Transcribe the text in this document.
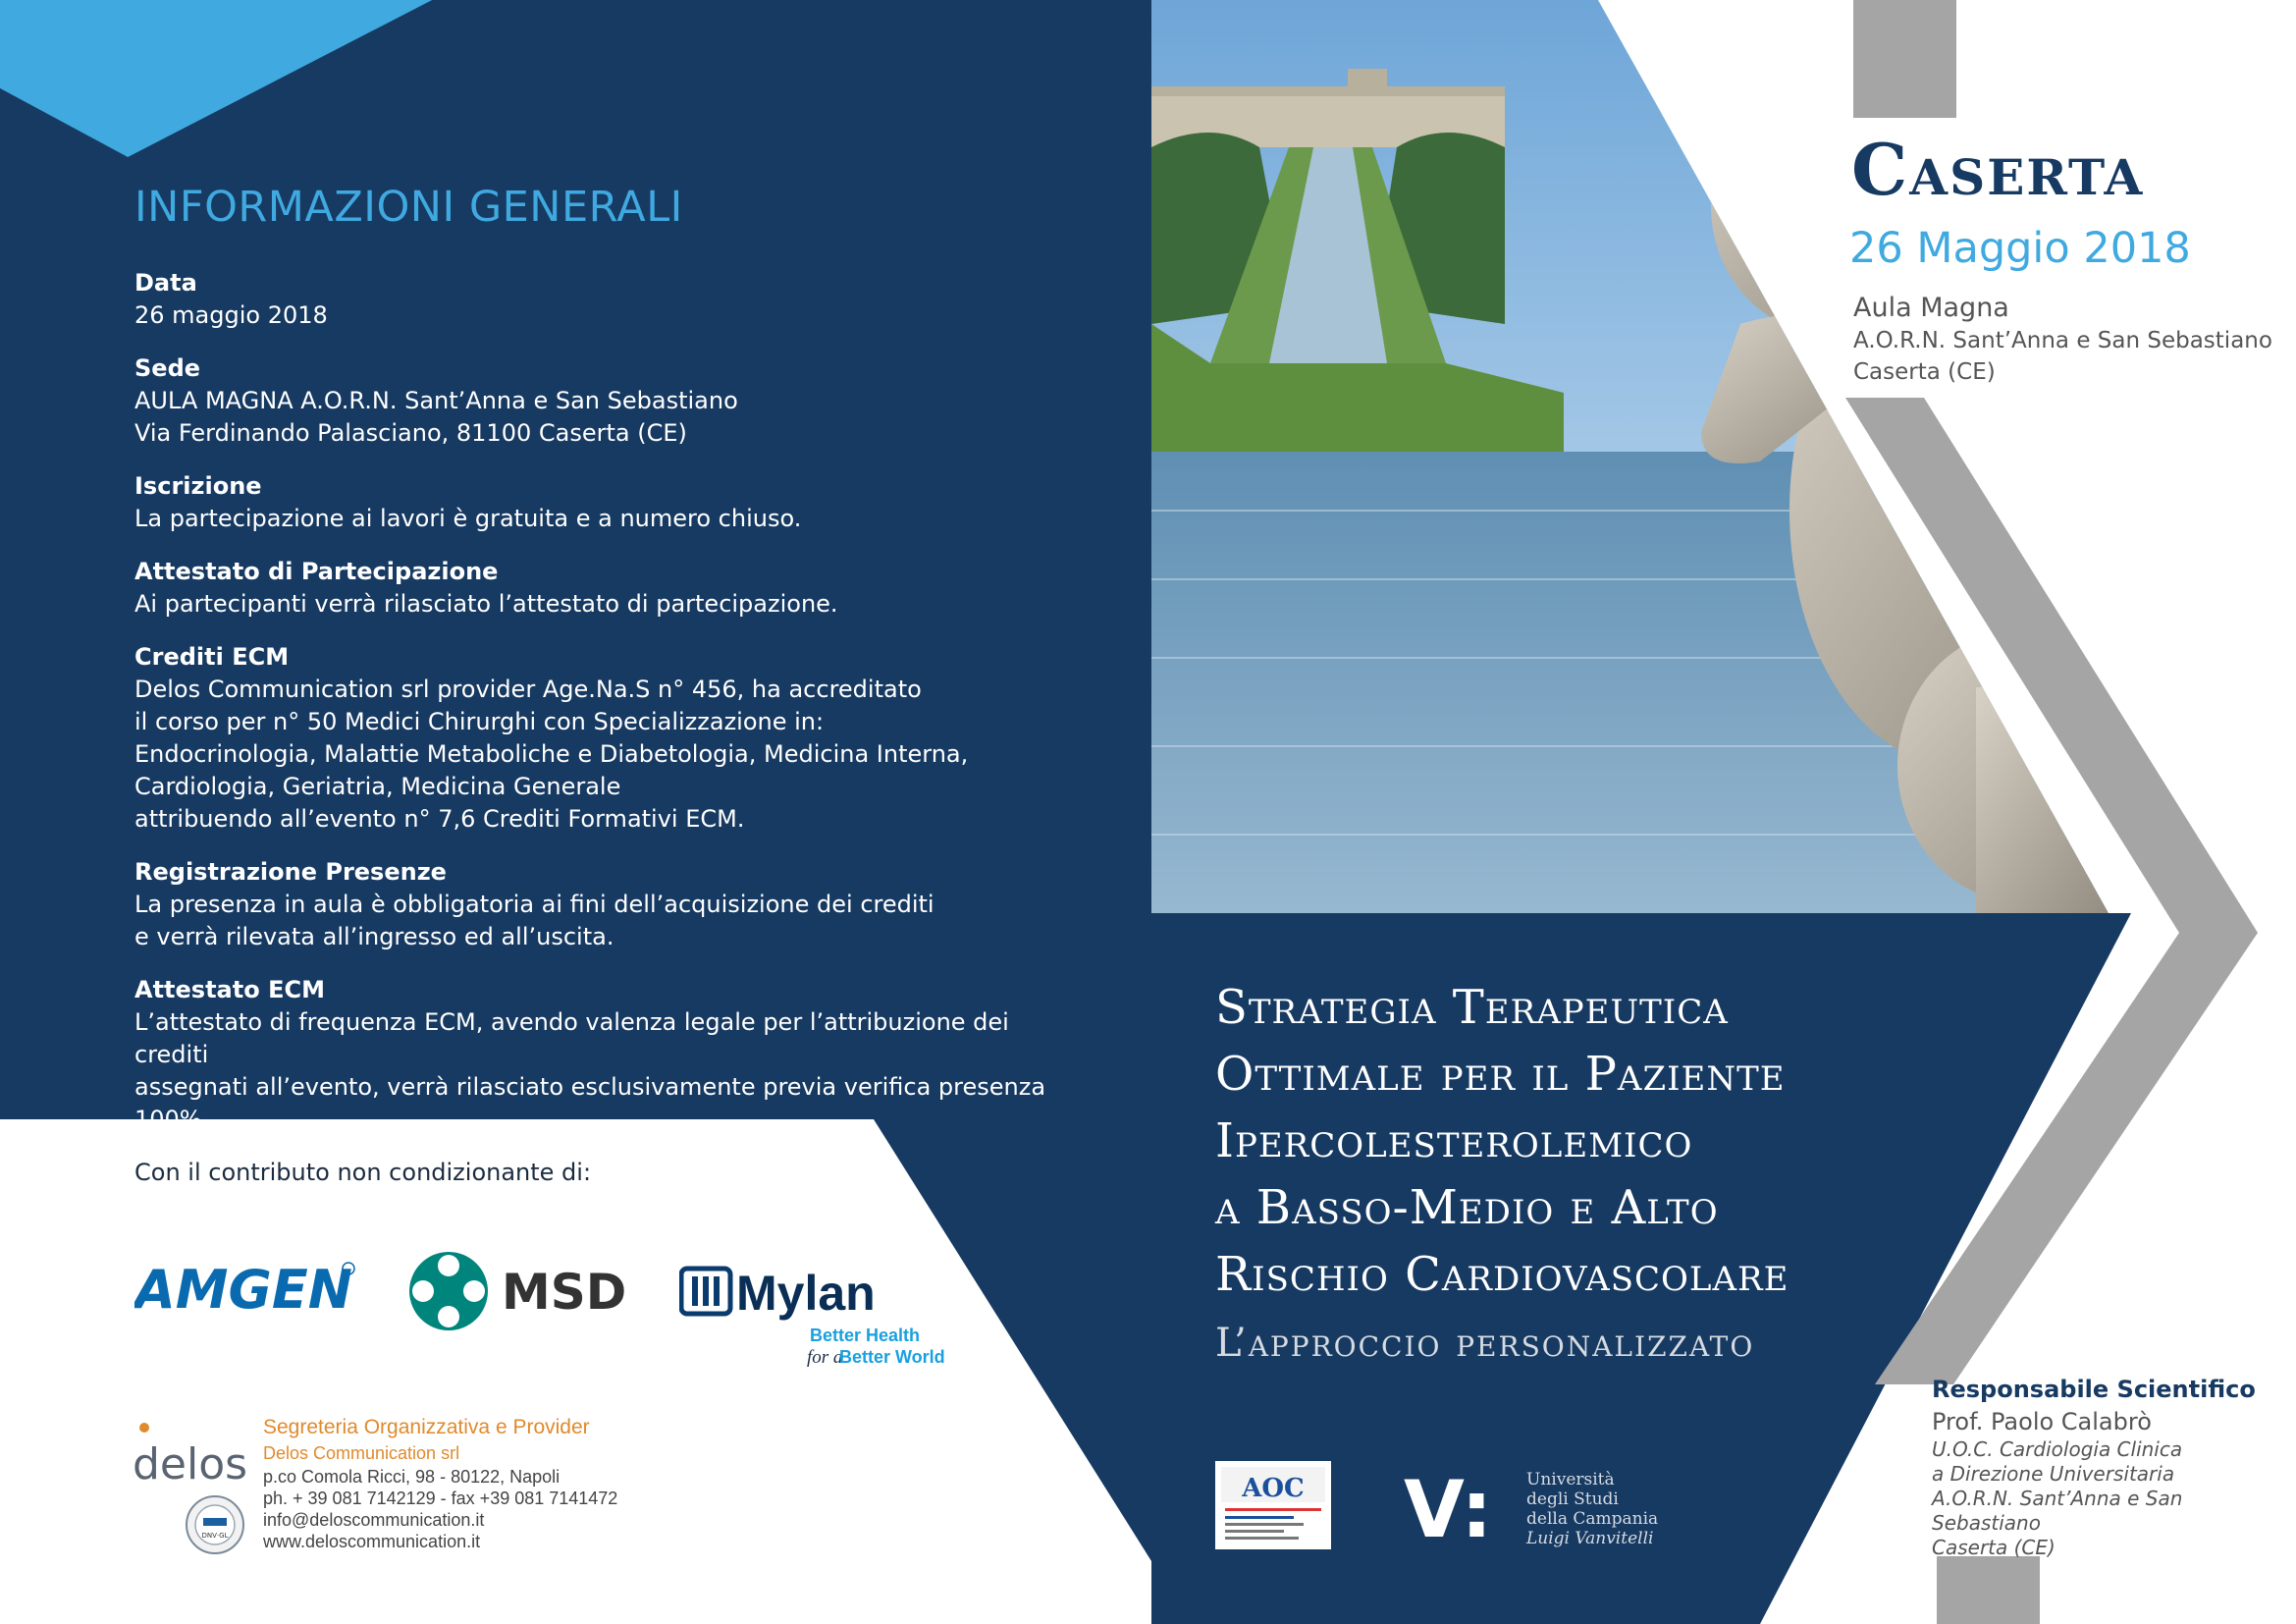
INFORMAZIONI GENERALI
Data
26 maggio 2018
Sede
AULA MAGNA A.O.R.N. Sant’Anna e San Sebastiano
Via Ferdinando Palasciano, 81100 Caserta (CE)
Iscrizione
La partecipazione ai lavori è gratuita e a numero chiuso.
Attestato di Partecipazione
Ai partecipanti verrà rilasciato l’attestato di partecipazione.
Crediti ECM
Delos Communication srl provider Age.Na.S n° 456, ha accreditato
il corso per n° 50 Medici Chirurghi con Specializzazione in:
Endocrinologia, Malattie Metaboliche e Diabetologia, Medicina Interna,
Cardiologia, Geriatria, Medicina Generale
attribuendo all’evento n° 7,6 Crediti Formativi ECM.
Registrazione Presenze
La presenza in aula è obbligatoria ai fini dell’acquisizione dei crediti
e verrà rilevata all’ingresso ed all’uscita.
Attestato ECM
L’attestato di frequenza ECM, avendo valenza legale per l’attribuzione dei crediti
assegnati all’evento, verrà rilasciato esclusivamente previa verifica presenza

Con il contributo non condizionante di:
AMGEN	MSD Mylan
Better Health
for a
Better World
delos
DNV·GL
Segreteria Organizzativa e Provider
Delos Communication srl
p.co Comola Ricci, 98 - 80122, Napoli
ph. + 39 081 7142129 - fax +39 081 7141472
info@deloscommunication.it
www.deloscommunication.it
Strategia Terapeutica
Ottimale per il Paziente
Ipercolesterolemico
a Basso-Medio e Alto
Rischio Cardiovascolare
L’approccio personalizzato
Caserta
26 Maggio 2018
Aula Magna
A.O.R.N. Sant’Anna e San Sebastiano
Caserta (CE)
Responsabile Scientifico
Prof. Paolo Calabrò
U.O.C. Cardiologia Clinica
a Direzione Universitaria
A.O.R.N. Sant’Anna e San Sebastiano
Caserta (CE)
AOC V: Università
degli Studi
della Campania
Luigi Vanvitelli
